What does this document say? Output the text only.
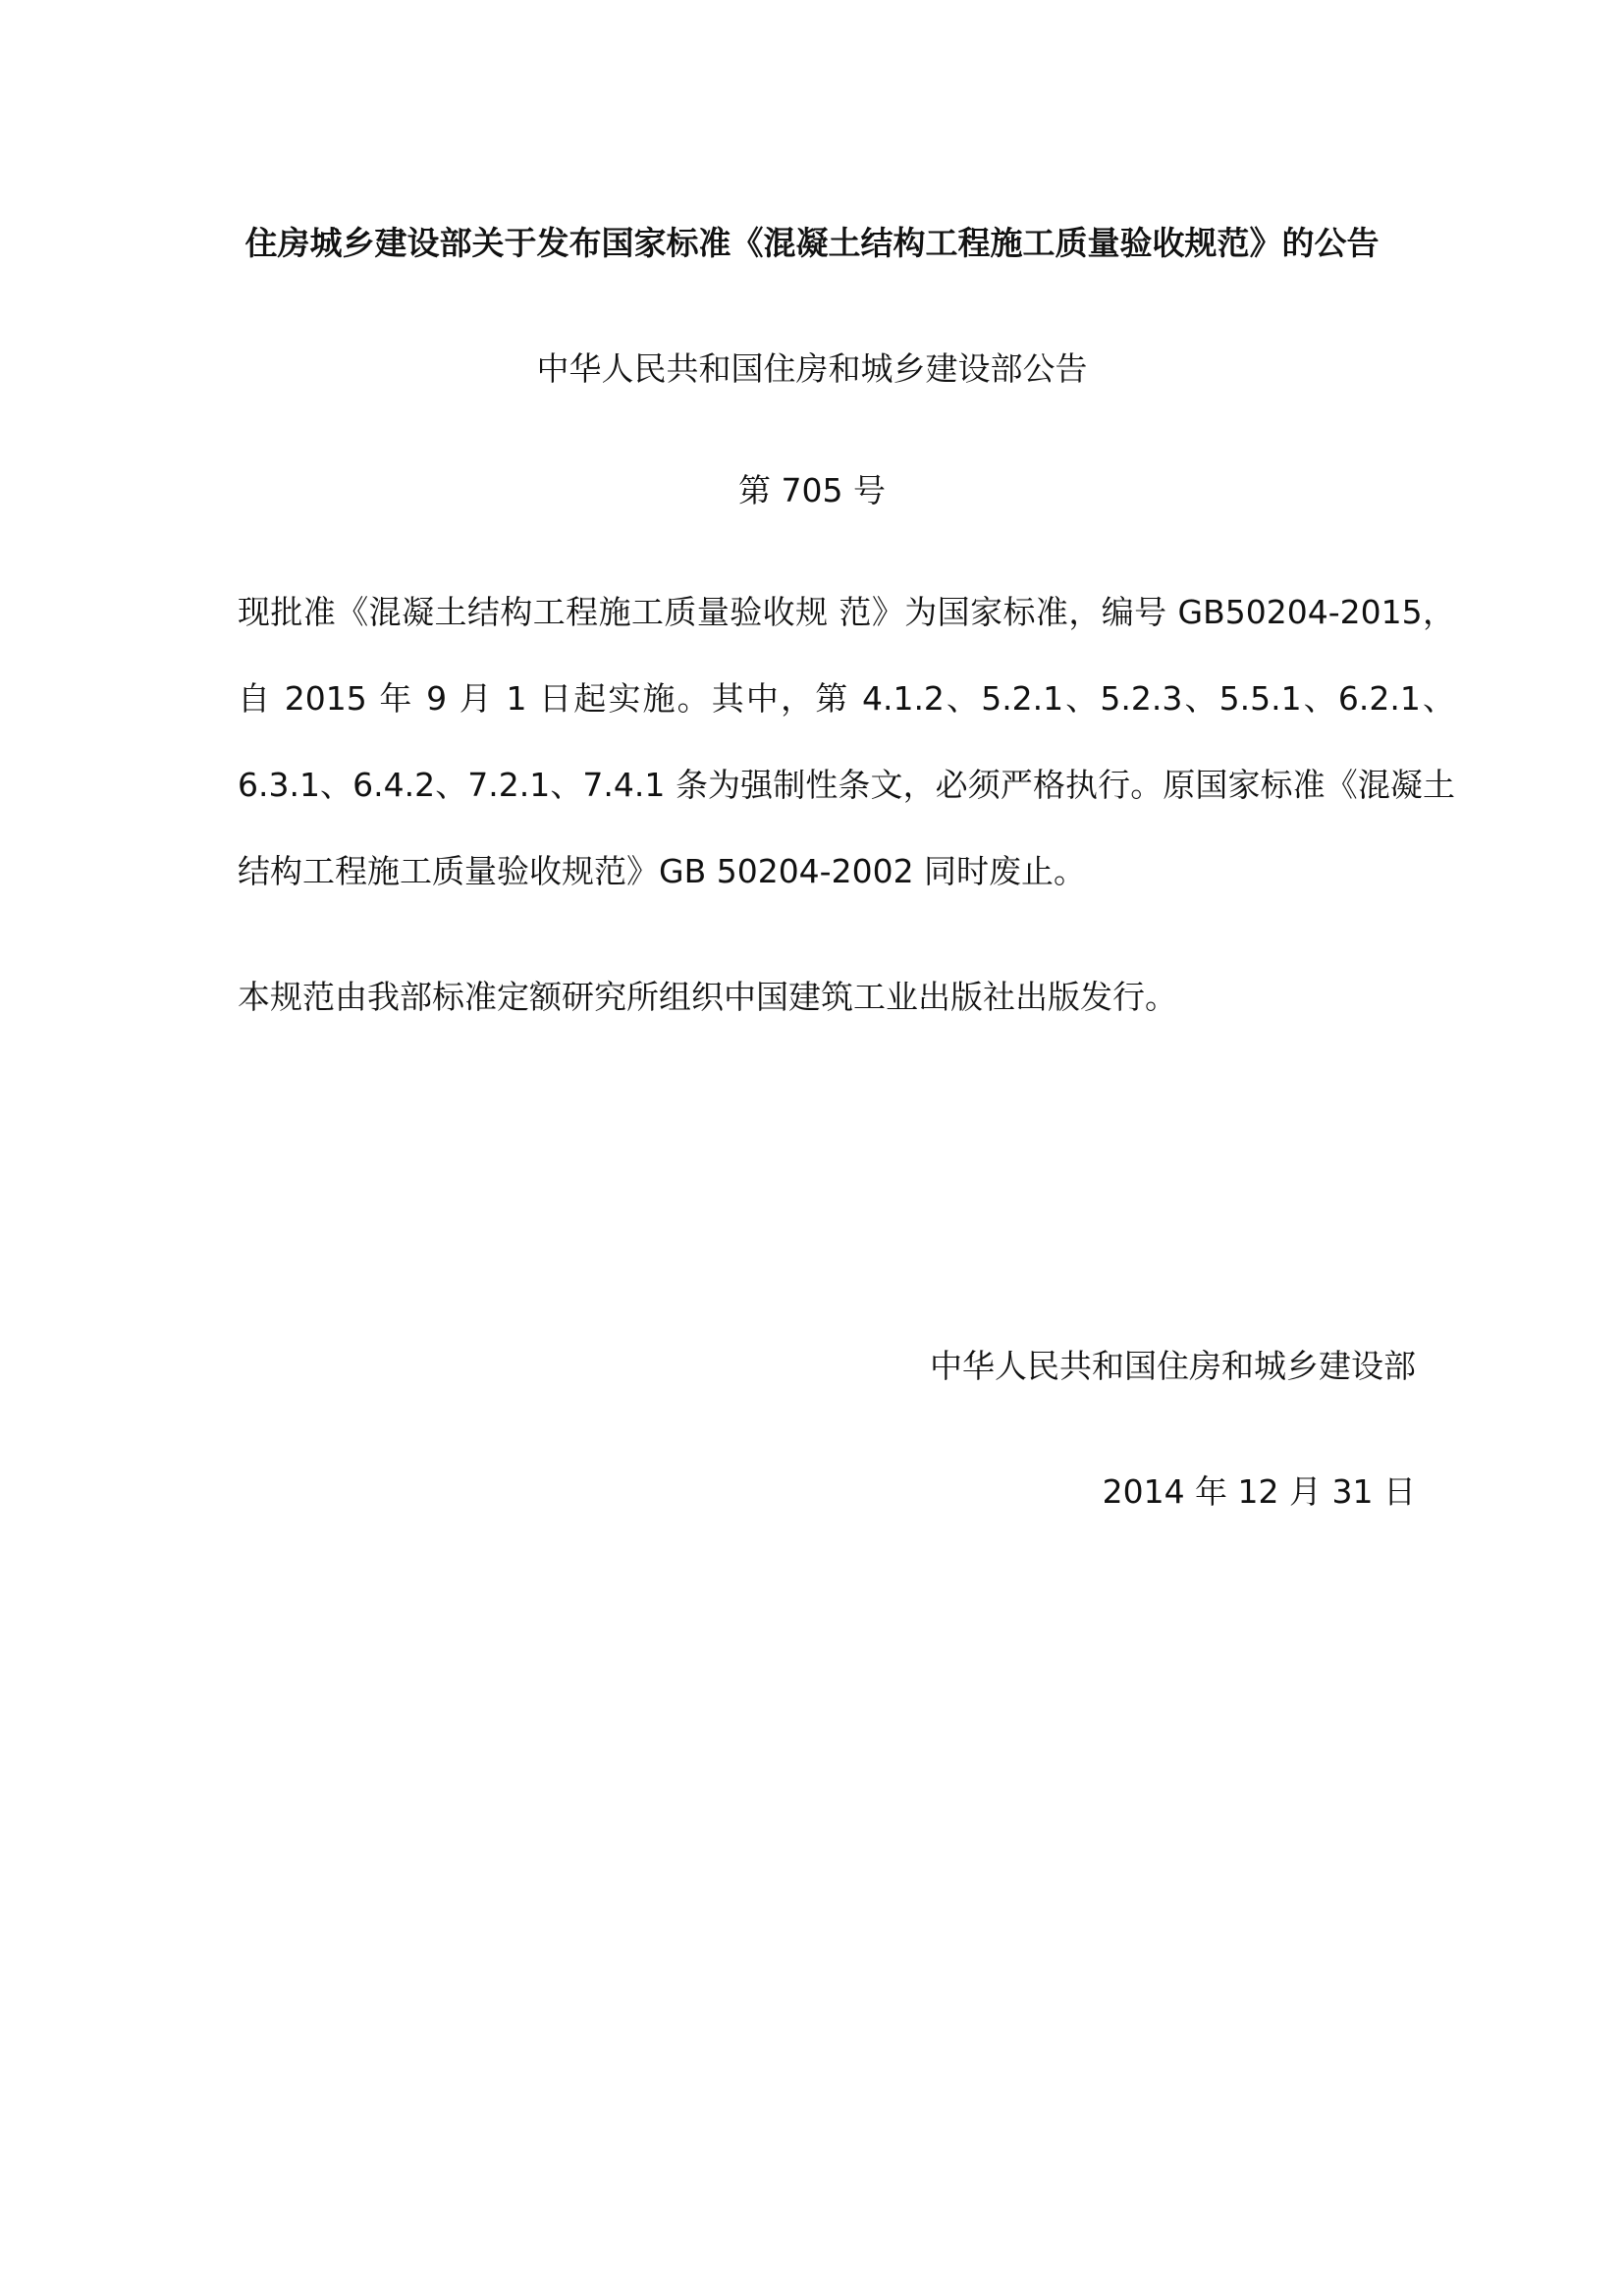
住房城乡建设部关于发布国家标准《混凝土结构工程施工质量验收规范》的公告
中华人民共和国住房和城乡建设部公告
第 705 号
现批准《混凝土结构工程施工质量验收规 范》为国家标准，编号 GB50204-2015，自 2015 年 9 月 1 日起实施。其中，第 4.1.2、5.2.1、5.2.3、5.5.1、6.2.1、6.3.1、6.4.2、7.2.1、7.4.1 条为强制性条文，必须严格执行。原国家标准《混凝土结构工程施工质量验收规范》GB 50204-2002 同时废止。
本规范由我部标准定额研究所组织中国建筑工业出版社出版发行。
中华人民共和国住房和城乡建设部
2014 年 12 月 31 日
